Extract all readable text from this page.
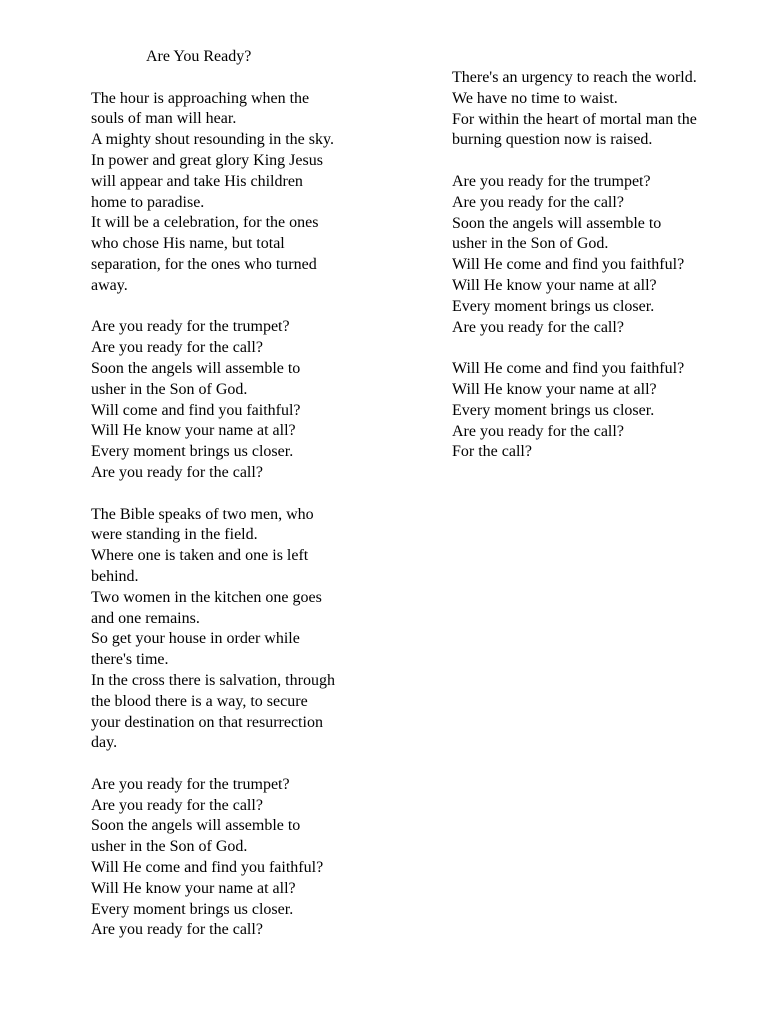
Are You Ready?
The hour is approaching when the
souls of man will hear.
A mighty shout resounding in the sky.
In power and great glory King Jesus
will appear and take His children
home to paradise.
It will be a celebration, for the ones
who chose His name, but total
separation, for the ones who turned
away.
Are you ready for the trumpet?
Are you ready for the call?
Soon the angels will assemble to
usher in the Son of God.
Will come and find you faithful?
Will He know your name at all?
Every moment brings us closer.
Are you ready for the call?
The Bible speaks of two men, who
were standing in the field.
Where one is taken and one is left
behind.
Two women in the kitchen one goes
and one remains.
So get your house in order while
there's time.
In the cross there is salvation, through
the blood there is a way, to secure
your destination on that resurrection
day.
Are you ready for the trumpet?
Are you ready for the call?
Soon the angels will assemble to
usher in the Son of God.
Will He come and find you faithful?
Will He know your name at all?
Every moment brings us closer.
Are you ready for the call?
There's an urgency to reach the world.
We have no time to waist.
For within the heart of mortal man the
burning question now is raised.
Are you ready for the trumpet?
Are you ready for the call?
Soon the angels will assemble to
usher in the Son of God.
Will He come and find you faithful?
Will He know your name at all?
Every moment brings us closer.
Are you ready for the call?
Will He come and find you faithful?
Will He know your name at all?
Every moment brings us closer.
Are you ready for the call?
For the call?
